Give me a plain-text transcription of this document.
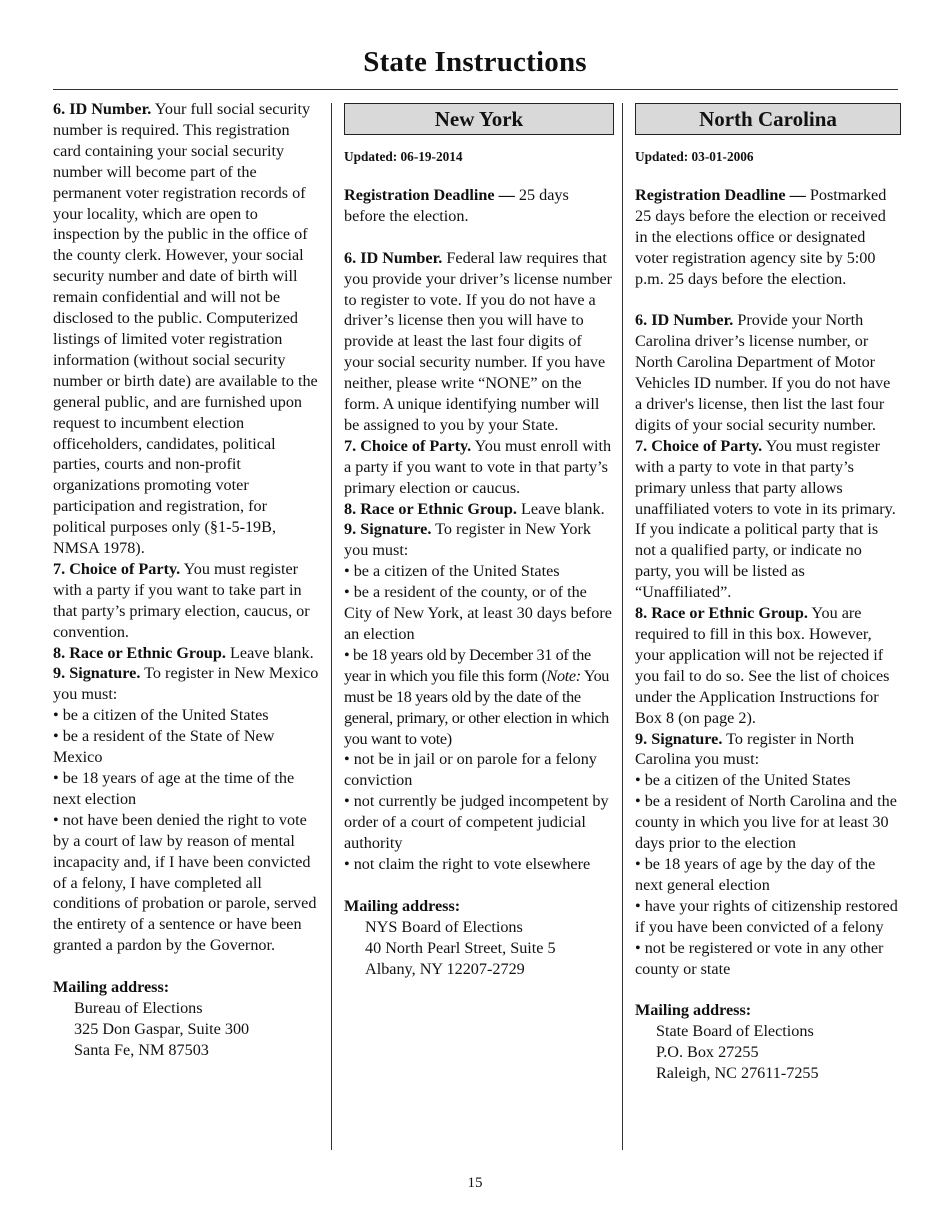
State Instructions
6. ID Number. Your full social security number is required. This registration card containing your social security number will become part of the permanent voter registration records of your locality, which are open to inspection by the public in the office of the county clerk. However, your social security number and date of birth will remain confidential and will not be disclosed to the public. Computerized listings of limited voter registration information (without social security number or birth date) are available to the general public, and are furnished upon request to incumbent election officeholders, candidates, political parties, courts and non-profit organizations promoting voter participation and registration, for political purposes only (§1-5-19B, NMSA 1978).
7. Choice of Party. You must register with a party if you want to take part in that party’s primary election, caucus, or convention.
8. Race or Ethnic Group. Leave blank.
9. Signature. To register in New Mexico you must:
• be a citizen of the United States
• be a resident of the State of New Mexico
• be 18 years of age at the time of the next election
• not have been denied the right to vote by a court of law by reason of mental incapacity and, if I have been convicted of a felony, I have completed all conditions of probation or parole, served the entirety of a sentence or have been granted a pardon by the Governor.
Mailing address:
Bureau of Elections
325 Don Gaspar, Suite 300
Santa Fe, NM 87503
New York
Updated: 06-19-2014
Registration Deadline — 25 days before the election.
6. ID Number. Federal law requires that you provide your driver’s license number to register to vote. If you do not have a driver’s license then you will have to provide at least the last four digits of your social security number. If you have neither, please write “NONE” on the form. A unique identifying number will be assigned to you by your State.
7. Choice of Party. You must enroll with a party if you want to vote in that party’s primary election or caucus.
8. Race or Ethnic Group. Leave blank.
9. Signature. To register in New York you must:
• be a citizen of the United States
• be a resident of the county, or of the City of New York, at least 30 days before an election
• be 18 years old by December 31 of the year in which you file this form (Note: You must be 18 years old by the date of the general, primary, or other election in which you want to vote)
• not be in jail or on parole for a felony conviction
• not currently be judged incompetent by order of a court of competent judicial authority
• not claim the right to vote elsewhere
Mailing address:
NYS Board of Elections
40 North Pearl Street, Suite 5
Albany, NY 12207-2729
North Carolina
Updated: 03-01-2006
Registration Deadline — Postmarked 25 days before the election or received in the elections office or designated voter registration agency site by 5:00 p.m. 25 days before the election.
6. ID Number. Provide your North Carolina driver’s license number, or North Carolina Department of Motor Vehicles ID number. If you do not have a driver's license, then list the last four digits of your social security number.
7. Choice of Party. You must register with a party to vote in that party’s primary unless that party allows unaffiliated voters to vote in its primary. If you indicate a political party that is not a qualified party, or indicate no party, you will be listed as “Unaffiliated”.
8. Race or Ethnic Group. You are required to fill in this box. However, your application will not be rejected if you fail to do so. See the list of choices under the Application Instructions for Box 8 (on page 2).
9. Signature. To register in North Carolina you must:
• be a citizen of the United States
• be a resident of North Carolina and the county in which you live for at least 30 days prior to the election
• be 18 years of age by the day of the next general election
• have your rights of citizenship restored if you have been convicted of a felony
• not be registered or vote in any other county or state
Mailing address:
State Board of Elections
P.O. Box 27255
Raleigh, NC 27611-7255
15
